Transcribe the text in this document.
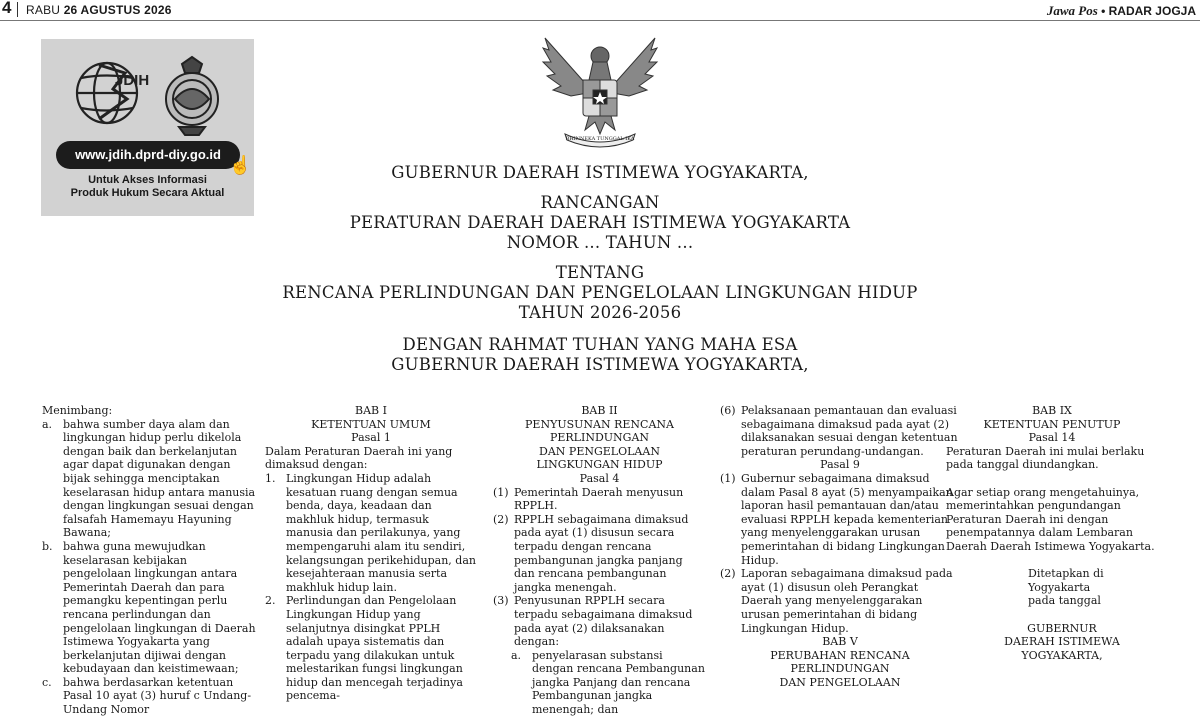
4 RABU 26 AGUSTUS 2026	Jawa Pos • RADAR JOGJA
JDIH
www.jdih.dprd-diy.go.id
☝
Untuk Akses Informasi
Produk Hukum Secara Aktual
BHINNEKA TUNGGAL IKA
GUBERNUR DAERAH ISTIMEWA YOGYAKARTA,
RANCANGAN
PERATURAN DAERAH DAERAH ISTIMEWA YOGYAKARTA
NOMOR ... TAHUN ...
TENTANG
RENCANA PERLINDUNGAN DAN PENGELOLAAN LINGKUNGAN HIDUP
TAHUN 2026-2056
DENGAN RAHMAT TUHAN YANG MAHA ESA
GUBERNUR DAERAH ISTIMEWA YOGYAKARTA,
Menimbang:
a. bahwa sumber daya alam dan lingkungan hidup perlu dikelola dengan baik dan berkelanjutan agar dapat digunakan dengan bijak sehingga menciptakan keselarasan hidup antara manusia dengan lingkungan sesuai dengan falsafah Hamemayu Hayuning Bawana;
b. bahwa guna mewujudkan keselarasan kebijakan pengelolaan lingkungan antara Pemerintah Daerah dan para pemangku kepentingan perlu rencana perlindungan dan pengelolaan lingkungan di Daerah Istimewa Yogyakarta yang berkelanjutan dijiwai dengan kebudayaan dan keistimewaan;
c. bahwa berdasarkan ketentuan Pasal 10 ayat (3) huruf c Undang-Undang Nomor
BAB I
KETENTUAN UMUM
Pasal 1
Dalam Peraturan Daerah ini yang dimaksud dengan:
1. Lingkungan Hidup adalah kesatuan ruang dengan semua benda, daya, keadaan dan makhluk hidup, termasuk manusia dan perilakunya, yang mempengaruhi alam itu sendiri, kelangsungan perikehidupan, dan kesejahteraan manusia serta makhluk hidup lain.
2. Perlindungan dan Pengelolaan Lingkungan Hidup yang selanjutnya disingkat PPLH adalah upaya sistematis dan terpadu yang dilakukan untuk melestarikan fungsi lingkungan hidup dan mencegah terjadinya pencema-
BAB II
PENYUSUNAN RENCANA
PERLINDUNGAN
DAN PENGELOLAAN
LINGKUNGAN HIDUP
Pasal 4
(1) Pemerintah Daerah menyusun RPPLH.
(2) RPPLH sebagaimana dimaksud pada ayat (1) disusun secara terpadu dengan rencana pembangunan jangka panjang dan rencana pembangunan jangka menengah.
(3) Penyusunan RPPLH secara terpadu sebagaimana dimaksud pada ayat (2) dilaksanakan dengan:
a. penyelarasan substansi dengan rencana Pembangunan jangka Panjang dan rencana Pembangunan jangka menengah; dan
(6) Pelaksanaan pemantauan dan evaluasi sebagaimana dimaksud pada ayat (2) dilaksanakan sesuai dengan ketentuan peraturan perundang-undangan.
Pasal 9
(1) Gubernur sebagaimana dimaksud dalam Pasal 8 ayat (5) menyampaikan laporan hasil pemantauan dan/atau evaluasi RPPLH kepada kementerian yang menyelenggarakan urusan pemerintahan di bidang Lingkungan Hidup.
(2) Laporan sebagaimana dimaksud pada ayat (1) disusun oleh Perangkat Daerah yang menyelenggarakan urusan pemerintahan di bidang Lingkungan Hidup.
BAB V
PERUBAHAN RENCANA
PERLINDUNGAN
DAN PENGELOLAAN
BAB IX
KETENTUAN PENUTUP
Pasal 14
Peraturan Daerah ini mulai berlaku pada tanggal diundangkan.
Agar setiap orang mengetahuinya, memerintahkan pengundangan Peraturan Daerah ini dengan penempatannya dalam Lembaran Daerah Daerah Istimewa Yogyakarta.
Ditetapkan di Yogyakarta
pada tanggal
GUBERNUR
DAERAH ISTIMEWA YOGYAKARTA,
